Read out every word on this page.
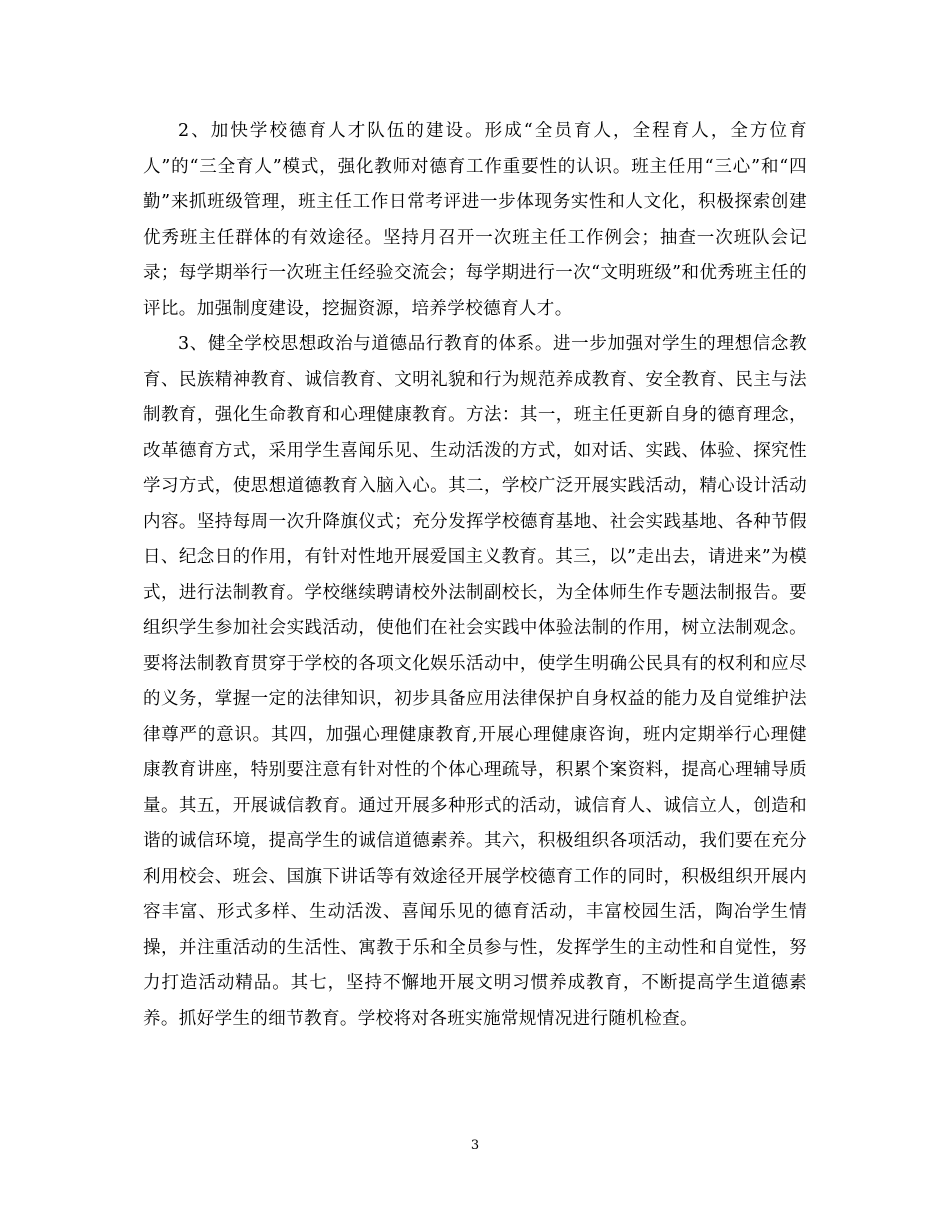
2、加快学校德育人才队伍的建设。形成“全员育人，全程育人，全方位育人”的“三全育人”模式，强化教师对德育工作重要性的认识。班主任用“三心”和“四勤”来抓班级管理，班主任工作日常考评进一步体现务实性和人文化，积极探索创建优秀班主任群体的有效途径。坚持月召开一次班主任工作例会；抽查一次班队会记录；每学期举行一次班主任经验交流会；每学期进行一次“文明班级”和优秀班主任的评比。加强制度建设，挖掘资源，培养学校德育人才。

3、健全学校思想政治与道德品行教育的体系。进一步加强对学生的理想信念教育、民族精神教育、诚信教育、文明礼貌和行为规范养成教育、安全教育、民主与法制教育，强化生命教育和心理健康教育。方法：其一，班主任更新自身的德育理念，改革德育方式，采用学生喜闻乐见、生动活泼的方式，如对话、实践、体验、探究性学习方式，使思想道德教育入脑入心。其二，学校广泛开展实践活动，精心设计活动内容。坚持每周一次升降旗仪式；充分发挥学校德育基地、社会实践基地、各种节假日、纪念日的作用，有针对性地开展爱国主义教育。其三，以”走出去，请进来”为模式，进行法制教育。学校继续聘请校外法制副校长，为全体师生作专题法制报告。要组织学生参加社会实践活动，使他们在社会实践中体验法制的作用，树立法制观念。要将法制教育贯穿于学校的各项文化娱乐活动中，使学生明确公民具有的权利和应尽的义务，掌握一定的法律知识，初步具备应用法律保护自身权益的能力及自觉维护法律尊严的意识。其四，加强心理健康教育,开展心理健康咨询，班内定期举行心理健康教育讲座，特别要注意有针对性的个体心理疏导，积累个案资料，提高心理辅导质量。其五，开展诚信教育。通过开展多种形式的活动，诚信育人、诚信立人，创造和谐的诚信环境，提高学生的诚信道德素养。其六，积极组织各项活动，我们要在充分利用校会、班会、国旗下讲话等有效途径开展学校德育工作的同时，积极组织开展内容丰富、形式多样、生动活泼、喜闻乐见的德育活动，丰富校园生活，陶冶学生情操，并注重活动的生活性、寓教于乐和全员参与性，发挥学生的主动性和自觉性，努力打造活动精品。其七，坚持不懈地开展文明习惯养成教育，不断提高学生道德素养。抓好学生的细节教育。学校将对各班实施常规情况进行随机检查。

3
